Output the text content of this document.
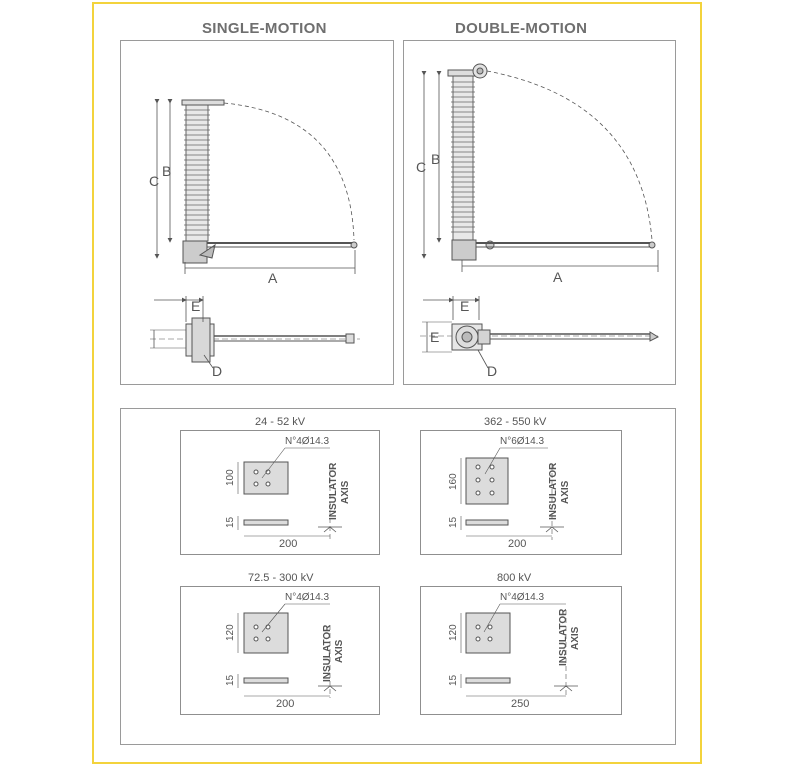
SINGLE-MOTION	DOUBLE-MOTION
24 - 52 kV	362 - 550 kV
72.5 - 300 kV	800 kV
C
B
A
E
D
C B
A
E
E
D
N°4Ø14.3
100
15
200
INSULATOR AXIS
N°6Ø14.3
160
15
200
INSULATOR AXIS
N°4Ø14.3
120
15
200
INSULATOR AXIS
N°4Ø14.3
120
15
250
INSULATOR AXIS
